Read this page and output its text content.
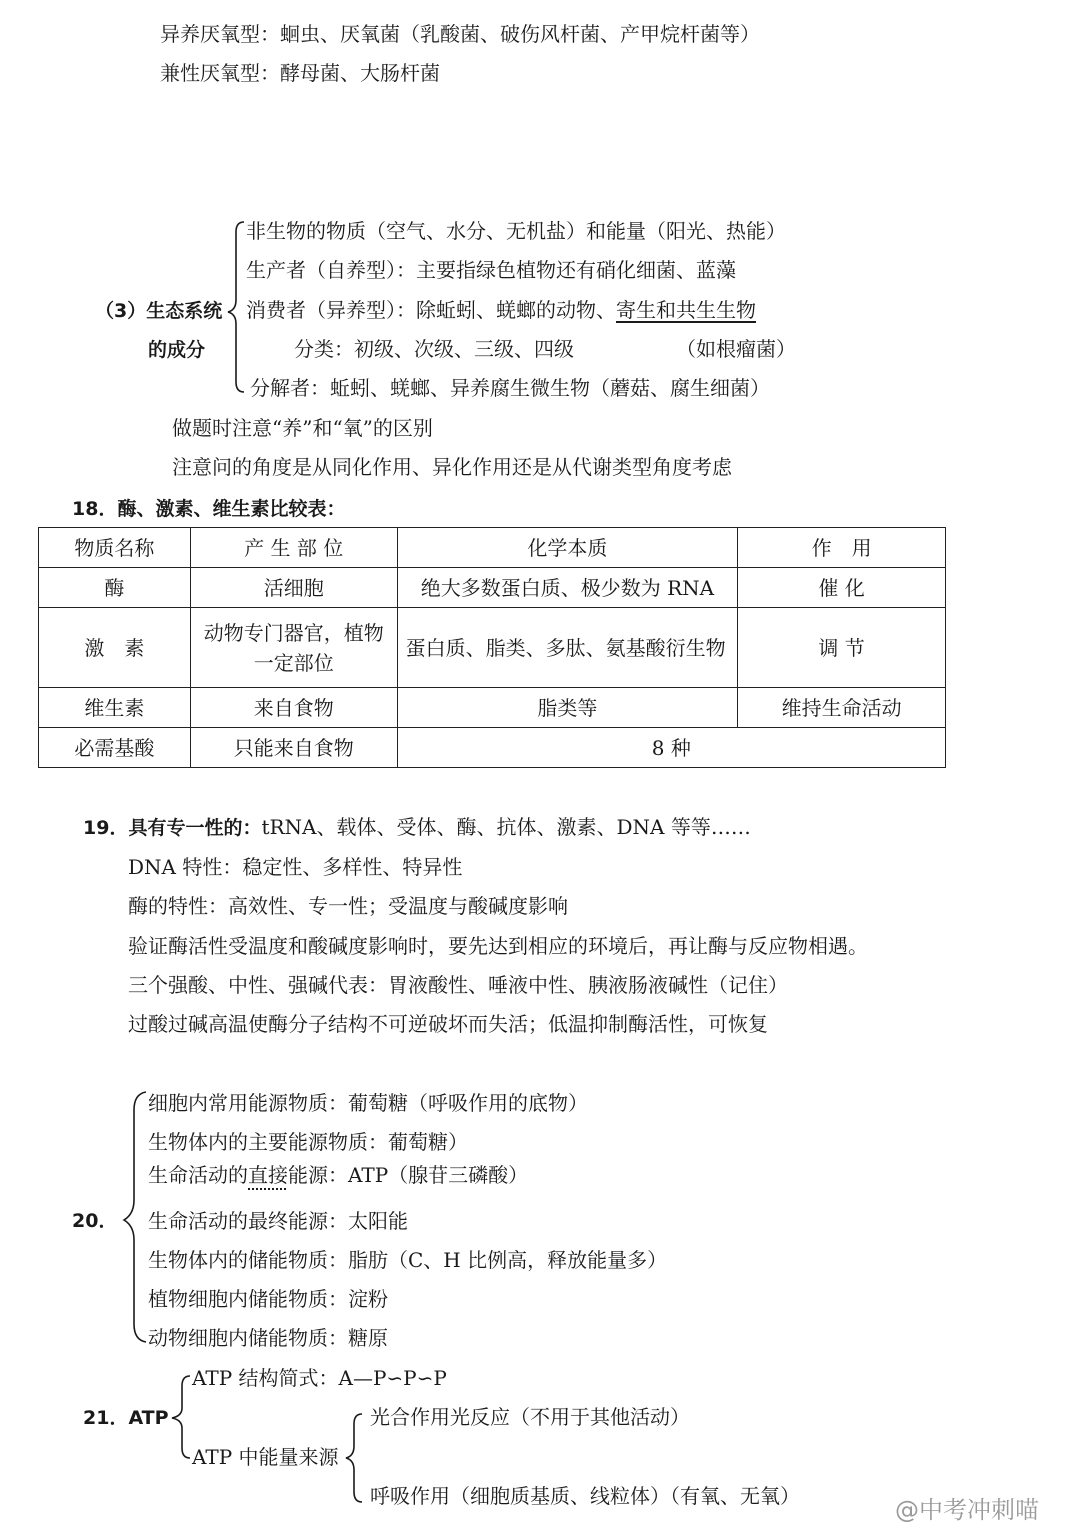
异养厌氧型：蛔虫、厌氧菌（乳酸菌、破伤风杆菌、产甲烷杆菌等）
兼性厌氧型：酵母菌、大肠杆菌
（3）生态系统
的成分
非生物的物质（空气、水分、无机盐）和能量（阳光、热能）
生产者（自养型）：主要指绿色植物还有硝化细菌、蓝藻
消费者（异养型）：除蚯蚓、蜣螂的动物、寄生和共生生物
分类：初级、次级、三级、四级	（如根瘤菌）
分解者：蚯蚓、蜣螂、异养腐生微生物（蘑菇、腐生细菌）
做题时注意“养”和“氧”的区别
注意问的角度是从同化作用、异化作用还是从代谢类型角度考虑
18．酶、激素、维生素比较表：
物质名称	产 生 部 位	化学本质	作　用
酶	活细胞	绝大多数蛋白质、极少数为 RNA	催 化
激　素	动物专门器官，植物一定部位	蛋白质、脂类、多肽、氨基酸衍生物	调 节
维生素	来自食物	脂类等	维持生命活动
必需基酸	只能来自食物	8 种	
19．具有专一性的：tRNA、载体、受体、酶、抗体、激素、DNA 等等……
DNA 特性：稳定性、多样性、特异性
酶的特性：高效性、专一性；受温度与酸碱度影响
验证酶活性受温度和酸碱度影响时，要先达到相应的环境后，再让酶与反应物相遇。
三个强酸、中性、强碱代表：胃液酸性、唾液中性、胰液肠液碱性（记住）
过酸过碱高温使酶分子结构不可逆破坏而失活；低温抑制酶活性，可恢复
20．
细胞内常用能源物质：葡萄糖（呼吸作用的底物）
生物体内的主要能源物质：葡萄糖）
生命活动的直接能源：ATP（腺苷三磷酸）
生命活动的最终能源：太阳能
生物体内的储能物质：脂肪（C、H 比例高，释放能量多）
植物细胞内储能物质：淀粉
动物细胞内储能物质：糖原
21．ATP
ATP 结构简式：A—P∽P∽P
ATP 中能量来源
光合作用光反应（不用于其他活动）
呼吸作用（细胞质基质、线粒体）（有氧、无氧）	@中考冲刺喵
